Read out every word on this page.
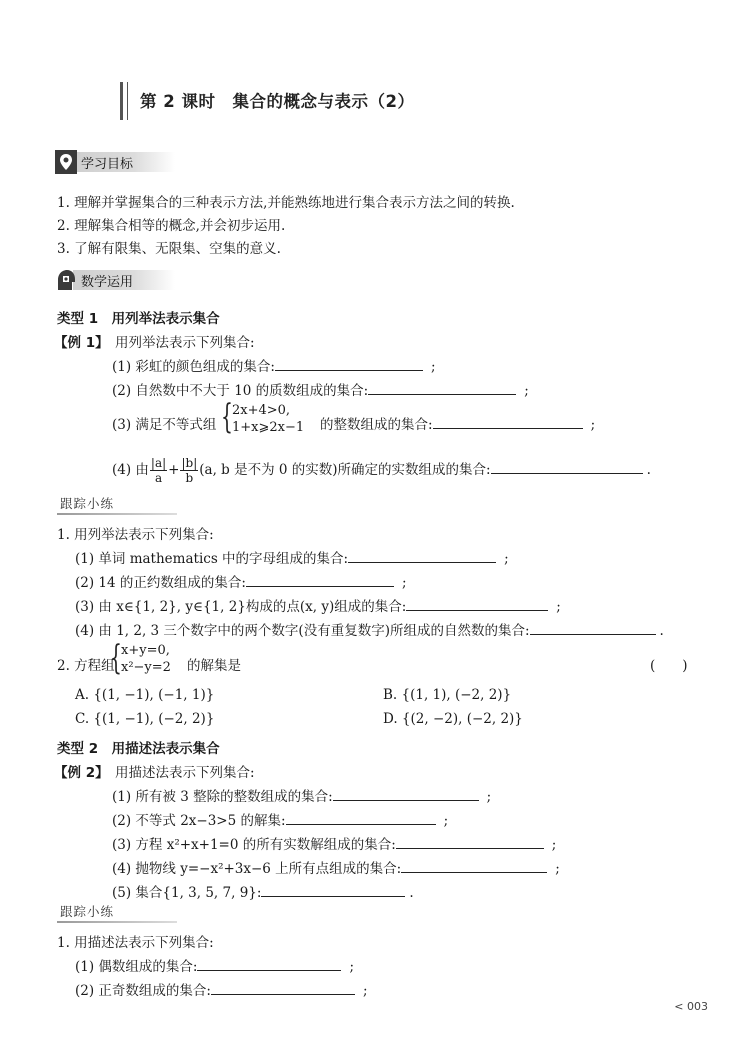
第 2 课时　集合的概念与表示（2）
学习目标
1. 理解并掌握集合的三种表示方法,并能熟练地进行集合表示方法之间的转换.
2. 理解集合相等的概念,并会初步运用.
3. 了解有限集、无限集、空集的意义.
数学运用
类型 1　用列举法表示集合
【例 1】 用列举法表示下列集合:
(1) 彩虹的颜色组成的集合:	;
(2) 自然数中不大于 10 的质数组成的集合:	;
(3) 满足不等式组 { 2x+4>0,
1+x⩾2x−1 的整数组成的集合:	;
(4) 由 $\frac{|a|}{a} + \frac{|b|}{b} (a$, b 是不为 0 的实数)所确定的实数组成的集合:	.
跟踪小练
1. 用列举法表示下列集合:
(1) 单词 mathematics 中的字母组成的集合:	;
(2) 14 的正约数组成的集合:	;
(3) 由 x∈{1, 2}, y∈{1, 2}构成的点(x, y)组成的集合:	;
(4) 由 1, 2, 3 三个数字中的两个数字(没有重复数字)所组成的自然数的集合:	.
2. 方程组
{ x+y=0,
x²−y=2 的解集是	(　　)
A. {(1, −1), (−1, 1)}	B. {(1, 1), (−2, 2)}
C. {(1, −1), (−2, 2)}	D. {(2, −2), (−2, 2)}
类型 2　用描述法表示集合
【例 2】 用描述法表示下列集合:
(1) 所有被 3 整除的整数组成的集合:	;
(2) 不等式 2x−3>5 的解集:	;
(3) 方程 x²+x+1=0 的所有实数解组成的集合:	;
(4) 抛物线 y=−x²+3x−6 上所有点组成的集合:	;
(5) 集合{1, 3, 5, 7, 9}:	.
跟踪小练
1. 用描述法表示下列集合:
(1) 偶数组成的集合:	;
(2) 正奇数组成的集合:	;
< 003
